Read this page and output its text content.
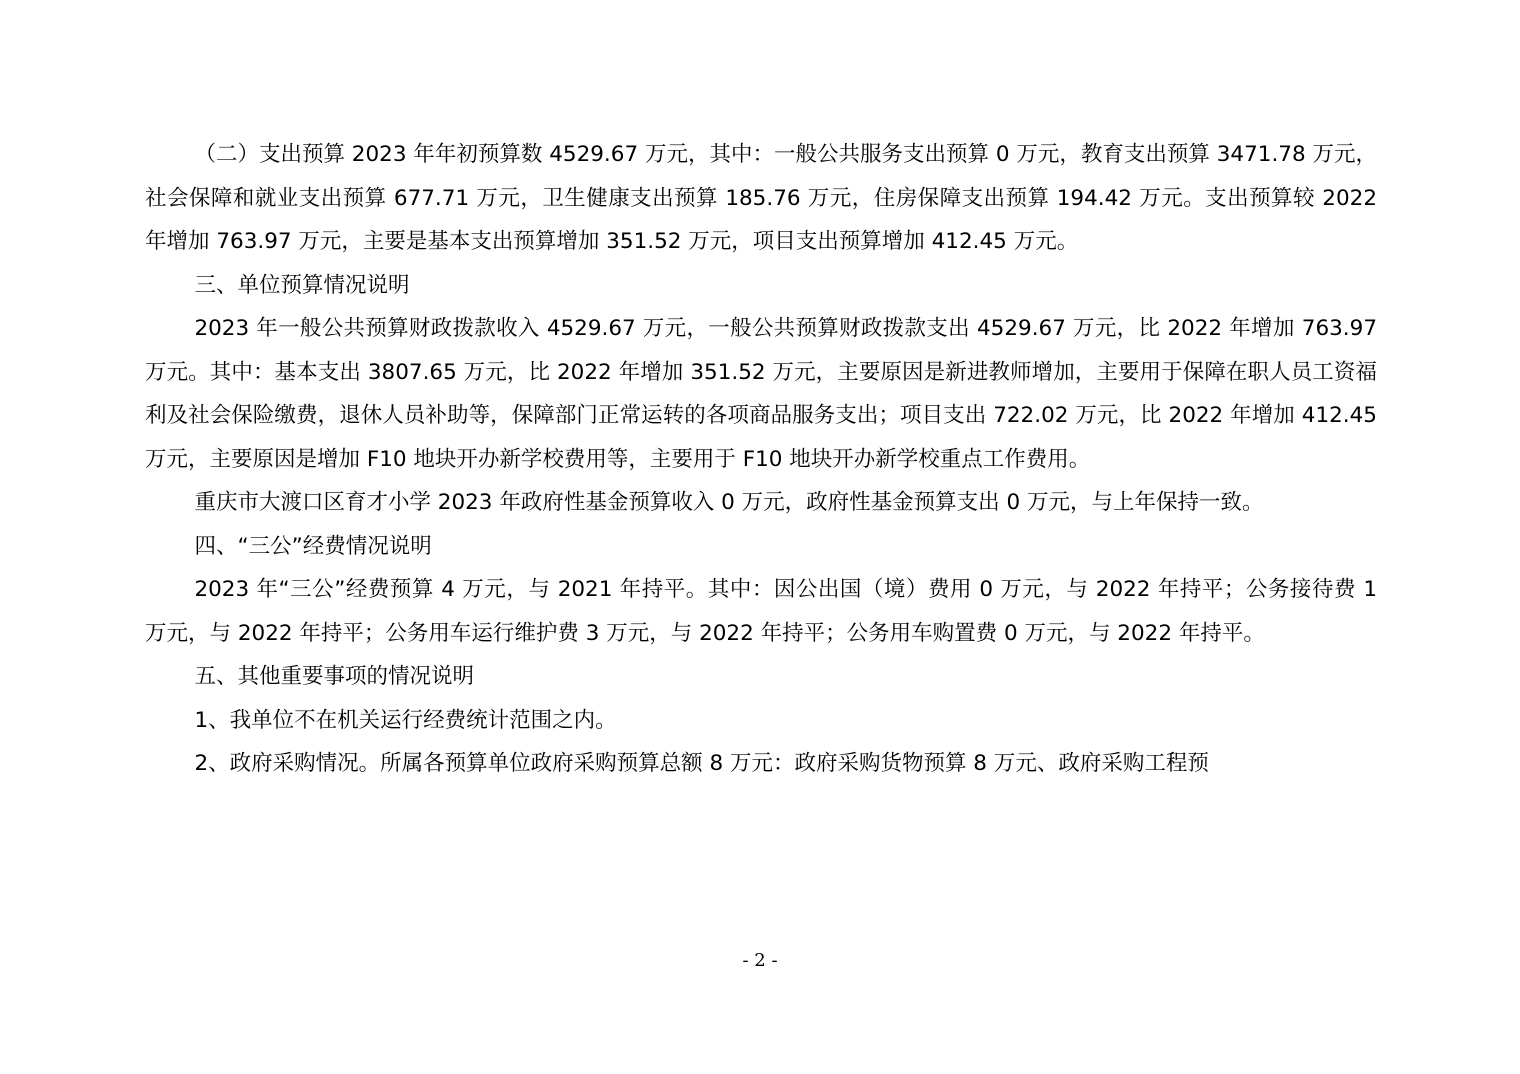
（二）支出预算 2023 年年初预算数 4529.67 万元，其中：一般公共服务支出预算 0 万元，教育支出预算 3471.78 万元，社会保障和就业支出预算 677.71 万元，卫生健康支出预算 185.76 万元，住房保障支出预算 194.42 万元。支出预算较 2022 年增加 763.97 万元，主要是基本支出预算增加 351.52 万元，项目支出预算增加 412.45 万元。

三、单位预算情况说明

2023 年一般公共预算财政拨款收入 4529.67 万元，一般公共预算财政拨款支出 4529.67 万元，比 2022 年增加 763.97 万元。其中：基本支出 3807.65 万元，比 2022 年增加 351.52 万元，主要原因是新进教师增加，主要用于保障在职人员工资福利及社会保险缴费，退休人员补助等，保障部门正常运转的各项商品服务支出；项目支出 722.02 万元，比 2022 年增加 412.45 万元，主要原因是增加 F10 地块开办新学校费用等，主要用于 F10 地块开办新学校重点工作费用。

重庆市大渡口区育才小学 2023 年政府性基金预算收入 0 万元，政府性基金预算支出 0 万元，与上年保持一致。

四、“三公”经费情况说明

2023 年“三公”经费预算 4 万元，与 2021 年持平。其中：因公出国（境）费用 0 万元，与 2022 年持平；公务接待费 1 万元，与 2022 年持平；公务用车运行维护费 3 万元，与 2022 年持平；公务用车购置费 0 万元，与 2022 年持平。

五、其他重要事项的情况说明

1、我单位不在机关运行经费统计范围之内。

2、政府采购情况。所属各预算单位政府采购预算总额 8 万元：政府采购货物预算 8 万元、政府采购工程预

- 2 -
